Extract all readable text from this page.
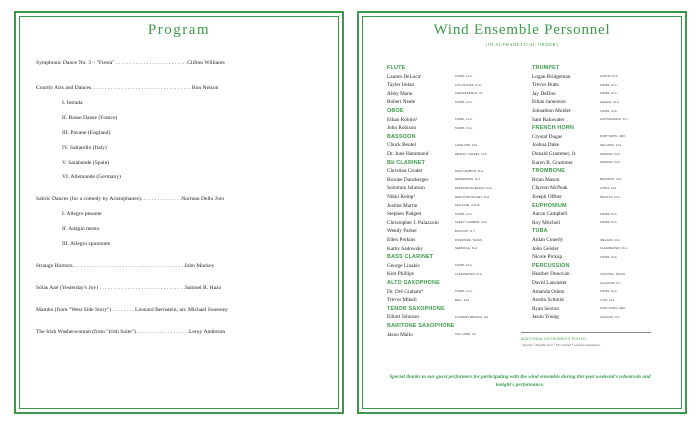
Program	Wind Ensemble Personnel
(IN ALPHABETICAL ORDER)
Symphonic Dance No. 3 – "Fiesta" . . . . . . . . . . . . . . . . . . . . . . . . . .Clifton Williams
Courtly Airs and Dances. . . . . . . . . . . . . . . . . . . . . . . . . . . . . . . . . . . . Ron Nelson
I. Intrada
II. Basse Danse (France)
III. Pavane (England)
IV. Saltarello (Italy)
V. Sarabande (Spain)
VI. Allemande (Germany)
Satiric Dances (for a comedy by Aristophanes). . . . . . . . . . . . . . .Norman Dello Joio
I. Allegro pesante
II. Adagio mesto
III. Allegro spumonte
Strange Humors. . . . . . . . . . . . . . . . . . . . . . . . . . . . . . . . . . . . . . . . John Mackey
Sólas Ané (Yesterday's Joy) . . . . . . . . . . . . . . . . . . . . . . . . . . . . . . .Samuel R. Hazo
Mambo (from "West Side Story") . . . . . . . . Leonard Bernstein, arr. Michael Sweeney
The Irish Washerwoman (from "Irish Suite") . . . . . . . . . . . . . . . . . . .Leroy Anderson
FLUTE
Lauren DeLuca¹	TAMPA, FLA.
Tayler Irelan	LAS CRUCES, N.M.
Abby Mann	CHESTERFIELD, VA.
Robert Neale	TAMPA, FLA.
OBOE
Ethan Robins²	TAMPA, FLA.
John Robison	TAMPA, FLA.
BASSOON
Chuck Beutel	LAKELAND, FLA.
Dr. June Hammond	WESLEY CHAPEL, FLA.
Bb CLARINET
Christina Cruder	PALM HARBOR, FLA.
Brooke Dansberger	HENDERSON, N.C.
Solomon Johnson	FERNANDINA BEACH, FLA.
Nikki Kemp³	NEW PORT RICHEY, FLA.
Justine Martin	SAN JOSE, CALIF.
Stephen Padgett	TAMPA, FLA.
Christopher J. Palazzolo	SAFETY HARBOR, FLA.
Wendy Parker	BAYPORT, N.Y.
Ellen Perkins	RIVERSIDE, TEXAS
Kathy Sadowsky	SEMINOLE, FLA.
BASS CLARINET
George Linakis	TAMPA, FLA.
Kim Phillips	CLEARWATER, FLA.
ALTO SAXOPHONE
Dr. Drê Graham⁴	TAMPA, FLA.
Trevor Mikell	BELL, FLA.
TENOR SAXOPHONE
Elliott Johnson	FLOWERS BRANCH, GA
BARITONE SAXOPHONE
Jason Mallo	OAK LAWN, ILL.
TRUMPET
Logan Bridgeman	AUSTIN, FLA.
Trevor Butts	TAMPA, FLA.
Jay DeDon	TAMPA, FLA.
Ethan Jamerson	HELENA, ALA.
Johnathon Mulder	TAMPA, FLA.
Sam Rainwater	CHITTENANGO, N.Y.
FRENCH HORN
Crystal Dugas	FORT SMITH, ARK.
Joshua Duke	ORLANDO, FLA.
Donald Grammer, Jr.	PARRISH, FLA.
Karen B. Grammer	PARRISH, FLA.
TROMBONE
Brian Mason	BRANDON, FLA.
Clayton McPeak	LITHIA, FLA.
Joseph Offner	PALATKA, FLA.
EUPHONIUM
Aaron Campbell	TAMPA, FLA.
Roy Mitchell	TAMPA, FLA.
TUBA
Aidan Conerly	IRELAND, FLA.
John Geisler	CLEARWATER, FLA.
Nicole Pickup	TAMPA, FLA.
PERCUSSION
Heather Donovan	VICTORIA, TEXAS
David Lancaster	GLASGOW, KY.
Amanda Odom	TAMPA, FLA.
Austin Schmid	LUTZ, FLA.
Ryan Sexton	FORT SMITH, ARK.
Jason Young	CHICAGO, ILL.
ADDITIONAL INSTRUMENTS PLAYED:
¹ piccolo ² English horn ³ Eb clarinet ⁴ soprano saxophone
Special thanks to our guest performers for participating with the wind ensemble during this past weekend's rehearsals and tonight's performance.
